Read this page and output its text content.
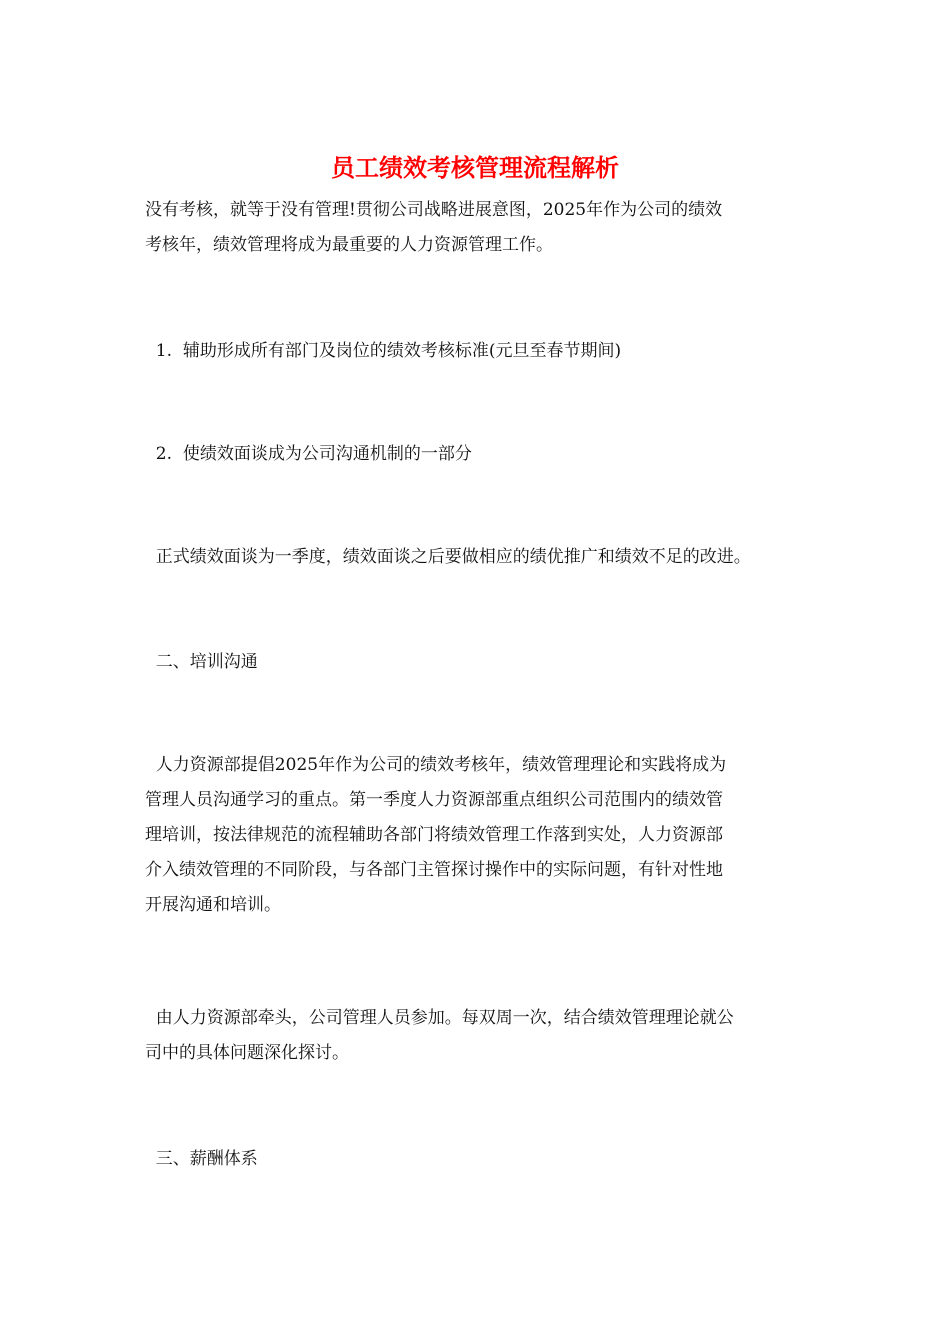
员工绩效考核管理流程解析
没有考核，就等于没有管理!贯彻公司战略进展意图，2025年作为公司的绩效
考核年，绩效管理将成为最重要的人力资源管理工作。
1.  辅助形成所有部门及岗位的绩效考核标准(元旦至春节期间)
2.  使绩效面谈成为公司沟通机制的一部分
正式绩效面谈为一季度，绩效面谈之后要做相应的绩优推广和绩效不足的改进。
二、培训沟通
人力资源部提倡2025年作为公司的绩效考核年，绩效管理理论和实践将成为
管理人员沟通学习的重点。第一季度人力资源部重点组织公司范围内的绩效管
理培训，按法律规范的流程辅助各部门将绩效管理工作落到实处，人力资源部
介入绩效管理的不同阶段，与各部门主管探讨操作中的实际问题，有针对性地
开展沟通和培训。
由人力资源部牵头，公司管理人员参加。每双周一次，结合绩效管理理论就公
司中的具体问题深化探讨。
三、薪酬体系
